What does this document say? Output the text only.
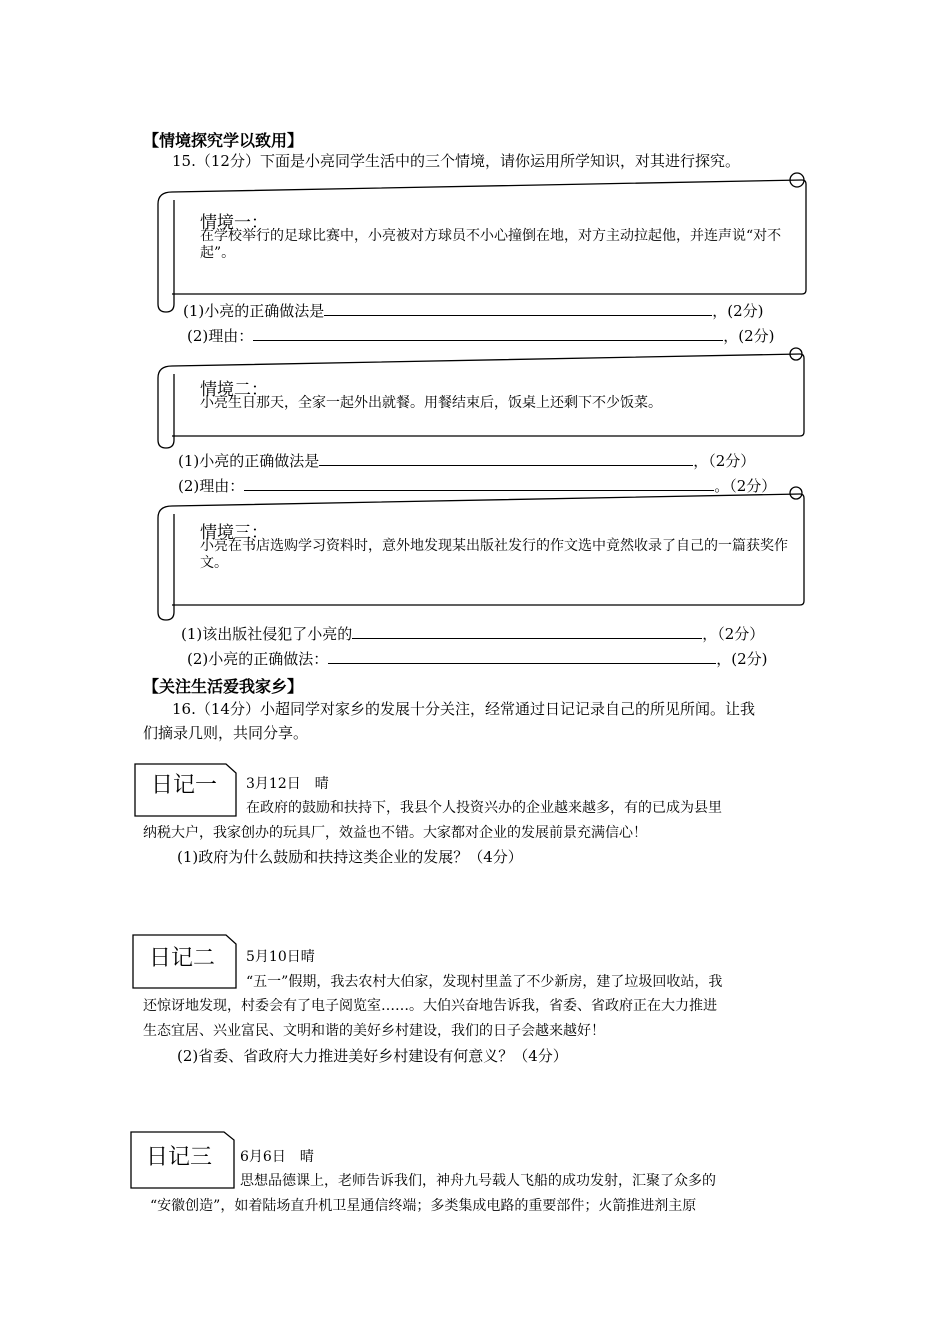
【情境探究学以致用】
15.（12分）下面是小亮同学生活中的三个情境，请你运用所学知识，对其进行探究。
情境一：
在学校举行的足球比赛中，小亮被对方球员不小心撞倒在地，对方主动拉起他，并连声说“对不起”。
(1)小亮的正确做法是	，(2分)
(2)理由：	，(2分)
情境二：
小亮生日那天，全家一起外出就餐。用餐结束后，饭桌上还剩下不少饭菜。
(1)小亮的正确做法是	，（2分）
(2)理由：	。（2分）
情境三：
小亮在书店选购学习资料时，意外地发现某出版社发行的作文选中竟然收录了自己的一篇获奖作文。
(1)该出版社侵犯了小亮的	，（2分）
(2)小亮的正确做法：	，(2分)
【关注生活爱我家乡】
16.（14分）小超同学对家乡的发展十分关注，经常通过日记记录自己的所见所闻。让我
们摘录几则，共同分享。
日记一 3月12日　晴
在政府的鼓励和扶持下，我县个人投资兴办的企业越来越多，有的已成为县里
纳税大户，我家创办的玩具厂，效益也不错。大家都对企业的发展前景充满信心！
(1)政府为什么鼓励和扶持这类企业的发展？（4分）
日记二 5月10日晴
“五一”假期，我去农村大伯家，发现村里盖了不少新房，建了垃圾回收站，我
还惊讶地发现，村委会有了电子阅览室……。大伯兴奋地告诉我，省委、省政府正在大力推进
生态宜居、兴业富民、文明和谐的美好乡村建设，我们的日子会越来越好！
(2)省委、省政府大力推进美好乡村建设有何意义？（4分）
日记三 6月6日　晴
思想品德课上，老师告诉我们，神舟九号载人飞船的成功发射，汇聚了众多的
“安徽创造”，如着陆场直升机卫星通信终端；多类集成电路的重要部件；火箭推进剂主原
